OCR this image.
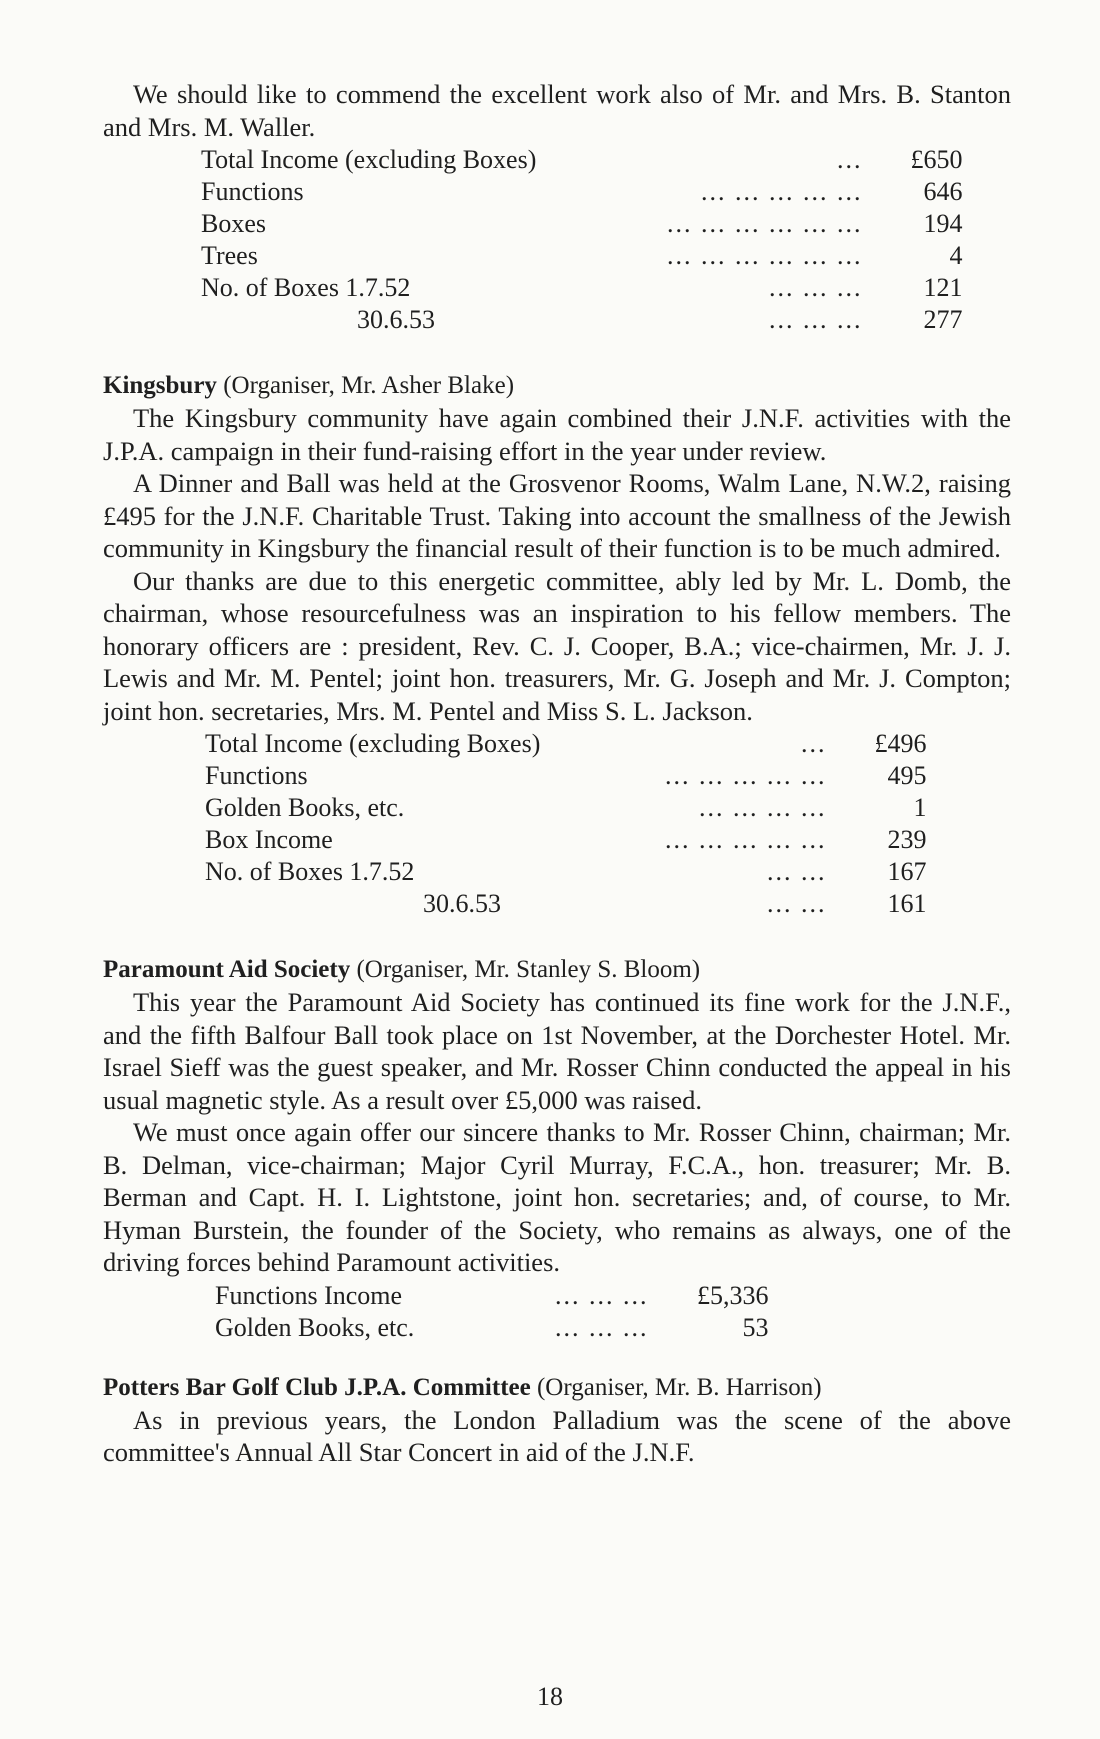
We should like to commend the excellent work also of Mr. and Mrs. B. Stanton and Mrs. M. Waller.

Total Income (excluding Boxes)	...	£650
Functions	... ... ... ... ...	646
Boxes	... ... ... ... ... ...	194
Trees	... ... ... ... ... ...	4
No. of Boxes 1.7.52	... ... ...	121
30.6.53	... ... ...	277
Kingsbury (Organiser, Mr. Asher Blake)

The Kingsbury community have again combined their J.N.F. activities with the J.P.A. campaign in their fund-raising effort in the year under review.

A Dinner and Ball was held at the Grosvenor Rooms, Walm Lane, N.W.2, raising £495 for the J.N.F. Charitable Trust. Taking into account the smallness of the Jewish community in Kingsbury the financial result of their function is to be much admired.

Our thanks are due to this energetic committee, ably led by Mr. L. Domb, the chairman, whose resourcefulness was an inspiration to his fellow members. The honorary officers are : president, Rev. C. J. Cooper, B.A.; vice-chairmen, Mr. J. J. Lewis and Mr. M. Pentel; joint hon. treasurers, Mr. G. Joseph and Mr. J. Compton; joint hon. secretaries, Mrs. M. Pentel and Miss S. L. Jackson.

Total Income (excluding Boxes)	...	£496
Functions	... ... ... ... ...	495
Golden Books, etc.	... ... ... ...	1
Box Income	... ... ... ... ...	239
No. of Boxes 1.7.52	... ...	167
30.6.53	... ...	161
Paramount Aid Society (Organiser, Mr. Stanley S. Bloom)

This year the Paramount Aid Society has continued its fine work for the J.N.F., and the fifth Balfour Ball took place on 1st November, at the Dorchester Hotel. Mr. Israel Sieff was the guest speaker, and Mr. Rosser Chinn conducted the appeal in his usual magnetic style. As a result over £5,000 was raised.

We must once again offer our sincere thanks to Mr. Rosser Chinn, chairman; Mr. B. Delman, vice-chairman; Major Cyril Murray, F.C.A., hon. treasurer; Mr. B. Berman and Capt. H. I. Lightstone, joint hon. secretaries; and, of course, to Mr. Hyman Burstein, the founder of the Society, who remains as always, one of the driving forces behind Paramount activities.

Functions Income	... ... ...	£5,336
Golden Books, etc.	... ... ...	53
Potters Bar Golf Club J.P.A. Committee (Organiser, Mr. B. Harrison)

As in previous years, the London Palladium was the scene of the above committee's Annual All Star Concert in aid of the J.N.F.

18
